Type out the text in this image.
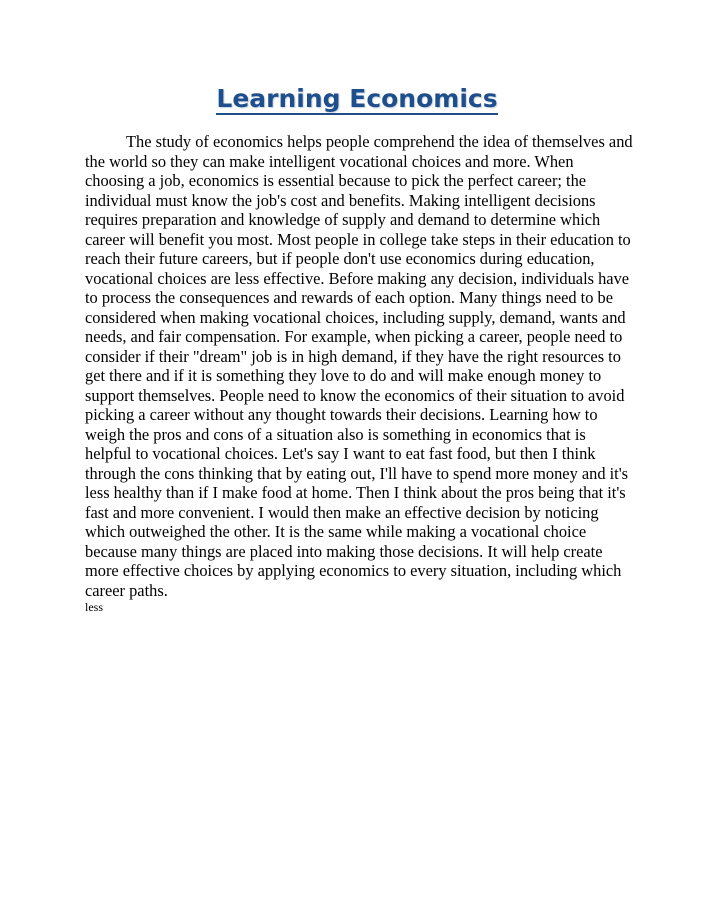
Learning Economics

The study of economics helps people comprehend the idea of themselves and the world so they can make intelligent vocational choices and more. When choosing a job, economics is essential because to pick the perfect career; the individual must know the job's cost and benefits. Making intelligent decisions requires preparation and knowledge of supply and demand to determine which career will benefit you most. Most people in college take steps in their education to reach their future careers, but if people don't use economics during education, vocational choices are less effective. Before making any decision, individuals have to process the consequences and rewards of each option. Many things need to be considered when making vocational choices, including supply, demand, wants and needs, and fair compensation. For example, when picking a career, people need to consider if their "dream" job is in high demand, if they have the right resources to get there and if it is something they love to do and will make enough money to support themselves. People need to know the economics of their situation to avoid picking a career without any thought towards their decisions. Learning how to weigh the pros and cons of a situation also is something in economics that is helpful to vocational choices. Let's say I want to eat fast food, but then I think through the cons thinking that by eating out, I'll have to spend more money and it's less healthy than if I make food at home. Then I think about the pros being that it's fast and more convenient. I would then make an effective decision by noticing which outweighed the other. It is the same while making a vocational choice because many things are placed into making those decisions. It will help create more effective choices by applying economics to every situation, including which career paths.

less
